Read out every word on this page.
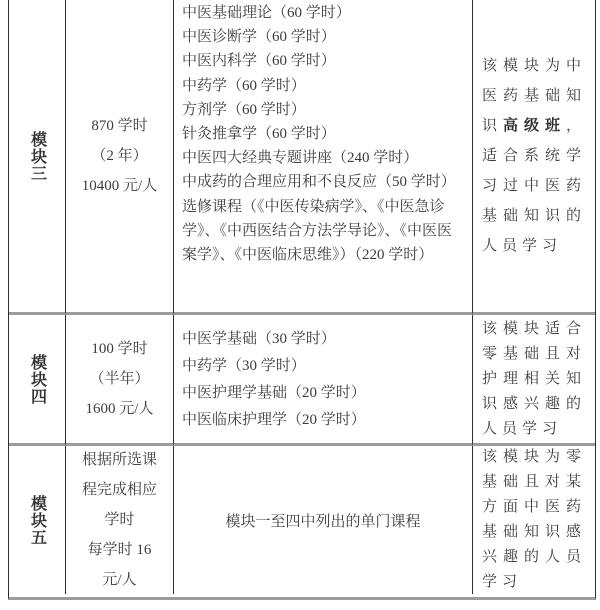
模块三
870 学时
（2 年）
10400 元/人
中医基础理论（60 学时）
中医诊断学（60 学时）
中医内科学（60 学时）
中药学（60 学时）
方剂学（60 学时）
针灸推拿学（60 学时）
中医四大经典专题讲座（240 学时）
中成药的合理应用和不良反应（50 学时）
选修课程（《中医传染病学》、《中医急诊学》、《中西医结合方法学导论》、《中医医案学》、《中医临床思维》）（220 学时）
该模块为中医药基础知识高级班，适合系统学习过中医药基础知识的人员学习
模块四
100 学时
（半年）
1600 元/人
中医学基础（30 学时）
中药学（30 学时）
中医护理学基础（20 学时）
中医临床护理学（20 学时）
该模块适合零基础且对护理相关知识感兴趣的人员学习
模块五
根据所选课程完成相应学时
每学时 16 元/人
模块一至四中列出的单门课程
该模块为零基础且对某方面中医药基础知识感兴趣的人员学习
